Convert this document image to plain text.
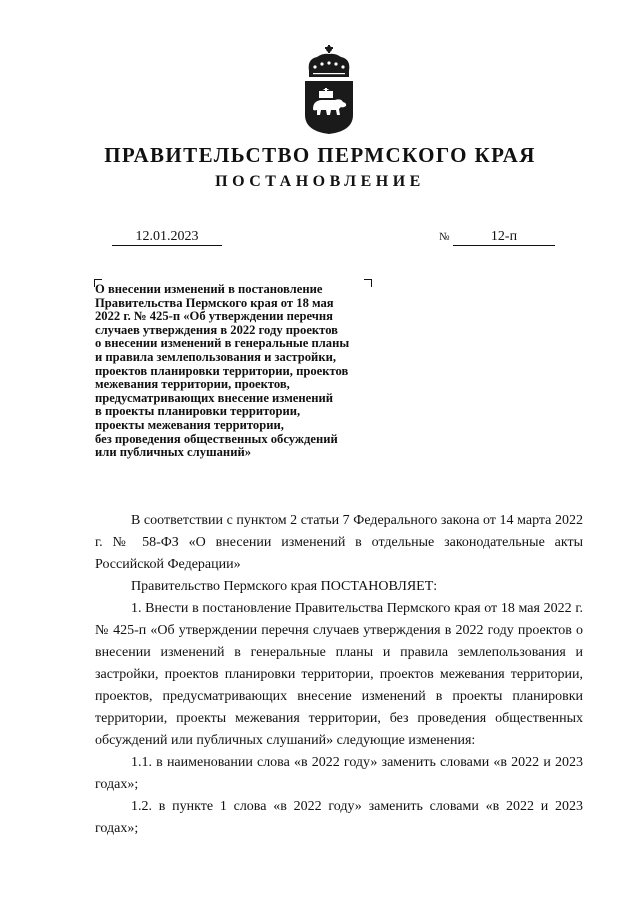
ПРАВИТЕЛЬСТВО ПЕРМСКОГО КРАЯ
ПОСТАНОВЛЕНИЕ
12.01.2023	№	12-п
О внесении изменений в постановление
Правительства Пермского края от 18 мая
2022 г. № 425-п «Об утверждении перечня
случаев утверждения в 2022 году проектов
о внесении изменений в генеральные планы
и правила землепользования и застройки,
проектов планировки территории, проектов
межевания территории, проектов,
предусматривающих внесение изменений
в проекты планировки территории,
проекты межевания территории,
без проведения общественных обсуждений
или публичных слушаний»

В соответствии с пунктом 2 статьи 7 Федерального закона от 14 марта 2022 г. № 58-ФЗ «О внесении изменений в отдельные законодательные акты Российской Федерации»

Правительство Пермского края ПОСТАНОВЛЯЕТ:

1. Внести в постановление Правительства Пермского края от 18 мая 2022 г. № 425-п «Об утверждении перечня случаев утверждения в 2022 году проектов о внесении изменений в генеральные планы и правила землепользования и застройки, проектов планировки территории, проектов межевания территории, проектов, предусматривающих внесение изменений в проекты планировки территории, проекты межевания территории, без проведения общественных обсуждений или публичных слушаний» следующие изменения:

1.1. в наименовании слова «в 2022 году» заменить словами «в 2022 и 2023 годах»;

1.2. в пункте 1 слова «в 2022 году» заменить словами «в 2022 и 2023 годах»;
